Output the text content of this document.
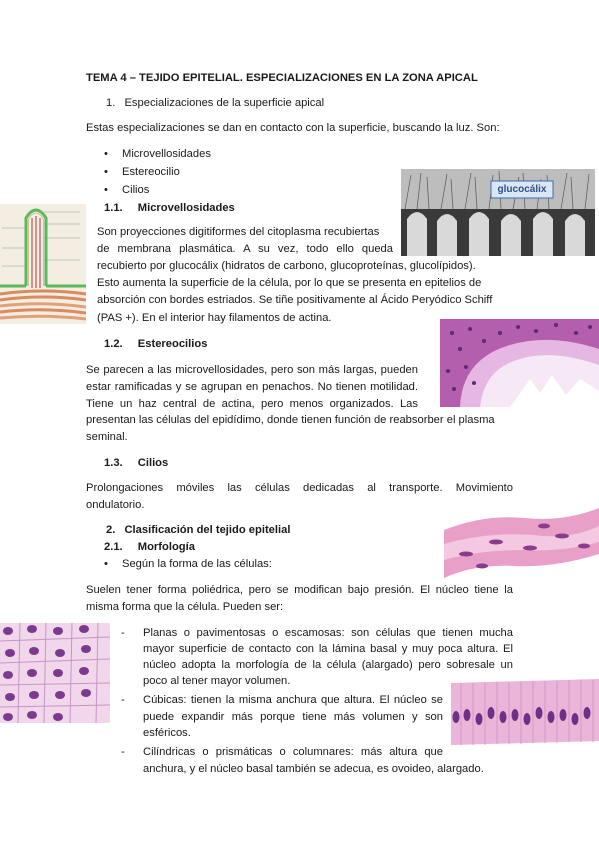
TEMA 4 – TEJIDO EPITELIAL. ESPECIALIZACIONES EN LA ZONA APICAL
1. Especializaciones de la superficie apical
Estas especializaciones se dan en contacto con la superficie, buscando la luz. Son:
• Microvellosidades
• Estereocilio
• Cilios
1.1. Microvellosidades
glucocálix
Son proyecciones digitiformes del citoplasma recubiertas
de membrana plasmática. A su vez, todo ello queda
recubierto por glucocálix (hidratos de carbono, glucoproteínas, glucolípidos).
Esto aumenta la superficie de la célula, por lo que se presenta en epitelios de
absorción con bordes estriados. Se tiñe positivamente al Ácido Peryódico Schiff
(PAS +). En el interior hay filamentos de actina.
1.2. Estereocilios
Se parecen a las microvellosidades, pero son más largas, pueden
estar ramificadas y se agrupan en penachos. No tienen motilidad.
Tiene un haz central de actina, pero menos organizados. Las
presentan las células del epidídimo, donde tienen función de reabsorber el plasma
seminal.
1.3. Cilios
Prolongaciones móviles las células dedicadas al transporte. Movimiento
ondulatorio.
2. Clasificación del tejido epitelial
2.1. Morfología
• Según la forma de las células:
Suelen tener forma poliédrica, pero se modifican bajo presión. El núcleo tiene la
misma forma que la célula. Pueden ser:
- Planas o pavimentosas o escamosas: son células que tienen mucha
mayor superficie de contacto con la lámina basal y muy poca altura. El
núcleo adopta la morfología de la célula (alargado) pero sobresale un
poco al tener mayor volumen.
- Cúbicas: tienen la misma anchura que altura. El núcleo se
puede expandir más porque tiene más volumen y son
esféricos.
- Cilíndricas o prismáticas o columnares: más altura que
anchura, y el núcleo basal también se adecua, es ovoideo, alargado.
